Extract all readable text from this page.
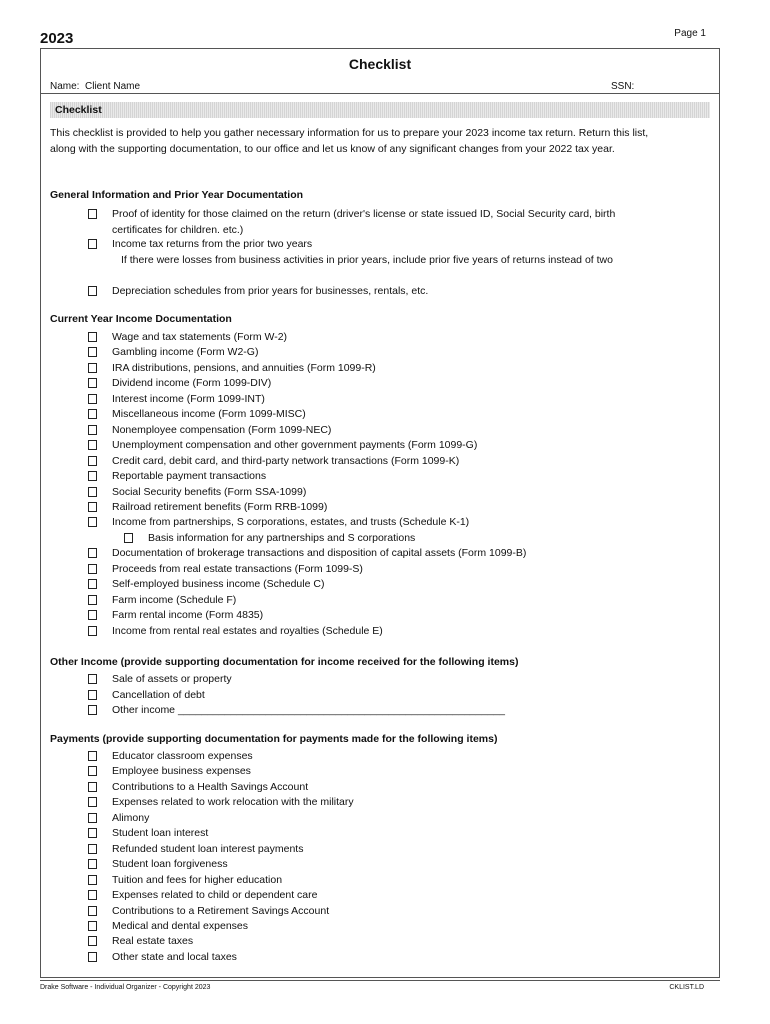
2023	Page 1
Checklist
Name: Client Name	SSN:
Checklist
This checklist is provided to help you gather necessary information for us to prepare your 2023 income tax return. Return this list, along with the supporting documentation, to our office and let us know of any significant changes from your 2022 tax year.
General Information and Prior Year Documentation
Proof of identity for those claimed on the return (driver's license or state issued ID, Social Security card, birth certificates for children. etc.)
Income tax returns from the prior two years
If there were losses from business activities in prior years, include prior five years of returns instead of two
Depreciation schedules from prior years for businesses, rentals, etc.
Current Year Income Documentation
Wage and tax statements (Form W-2)
Gambling income (Form W2-G)
IRA distributions, pensions, and annuities (Form 1099-R)
Dividend income (Form 1099-DIV)
Interest income (Form 1099-INT)
Miscellaneous income (Form 1099-MISC)
Nonemployee compensation (Form 1099-NEC)
Unemployment compensation and other government payments (Form 1099-G)
Credit card, debit card, and third-party network transactions (Form 1099-K)
Reportable payment transactions
Social Security benefits (Form SSA-1099)
Railroad retirement benefits (Form RRB-1099)
Income from partnerships, S corporations, estates, and trusts (Schedule K-1)
Basis information for any partnerships and S corporations
Documentation of brokerage transactions and disposition of capital assets (Form 1099-B)
Proceeds from real estate transactions (Form 1099-S)
Self-employed business income (Schedule C)
Farm income (Schedule F)
Farm rental income (Form 4835)
Income from rental real estates and royalties (Schedule E)
Other Income (provide supporting documentation for income received for the following items)
Sale of assets or property
Cancellation of debt
Other income ________________________________________________________
Payments (provide supporting documentation for payments made for the following items)
Educator classroom expenses
Employee business expenses
Contributions to a Health Savings Account
Expenses related to work relocation with the military
Alimony
Student loan interest
Refunded student loan interest payments
Student loan forgiveness
Tuition and fees for higher education
Expenses related to child or dependent care
Contributions to a Retirement Savings Account
Medical and dental expenses
Real estate taxes
Other state and local taxes
Drake Software - Individual Organizer - Copyright 2023	CKLIST.LD
